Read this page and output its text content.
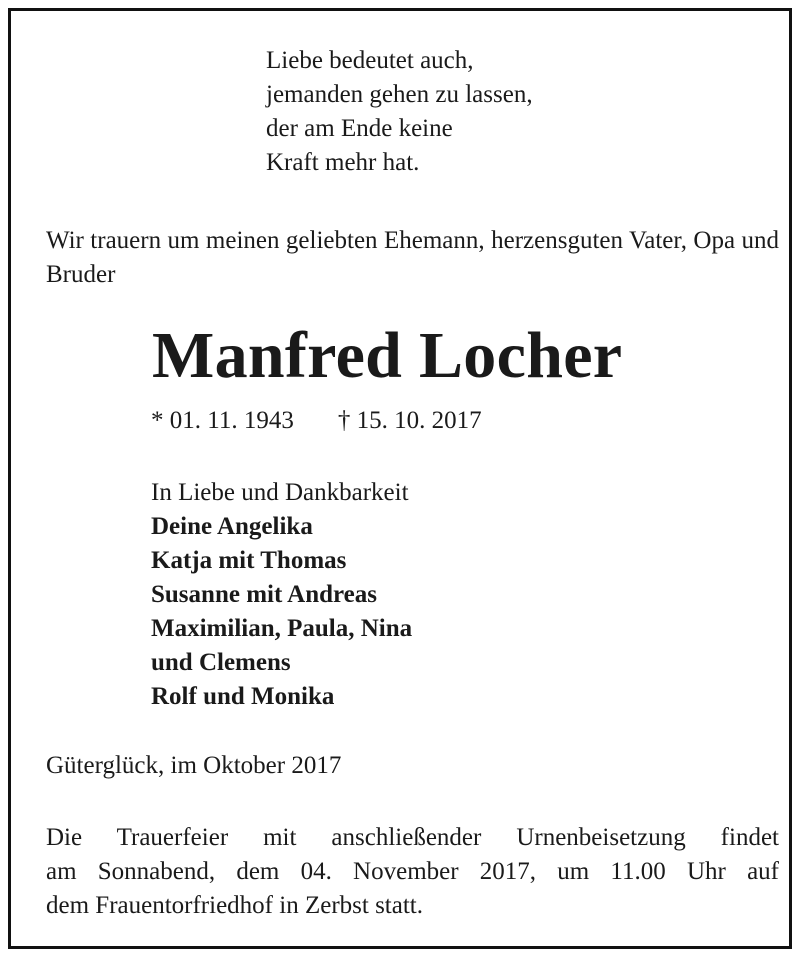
Liebe bedeutet auch,
jemanden gehen zu lassen,
der am Ende keine
Kraft mehr hat.
Wir trauern um meinen geliebten Ehemann, herzensguten Vater, Opa und Bruder
Manfred Locher
* 01. 11. 1943 † 15. 10. 2017
In Liebe und Dankbarkeit
Deine Angelika
Katja mit Thomas
Susanne mit Andreas
Maximilian, Paula, Nina
und Clemens
Rolf und Monika
Güterglück, im Oktober 2017
Die Trauerfeier mit anschließender Urnenbeisetzung findet
am Sonnabend, dem 04. November 2017, um 11.00 Uhr auf
dem Frauentorfriedhof in Zerbst statt.
